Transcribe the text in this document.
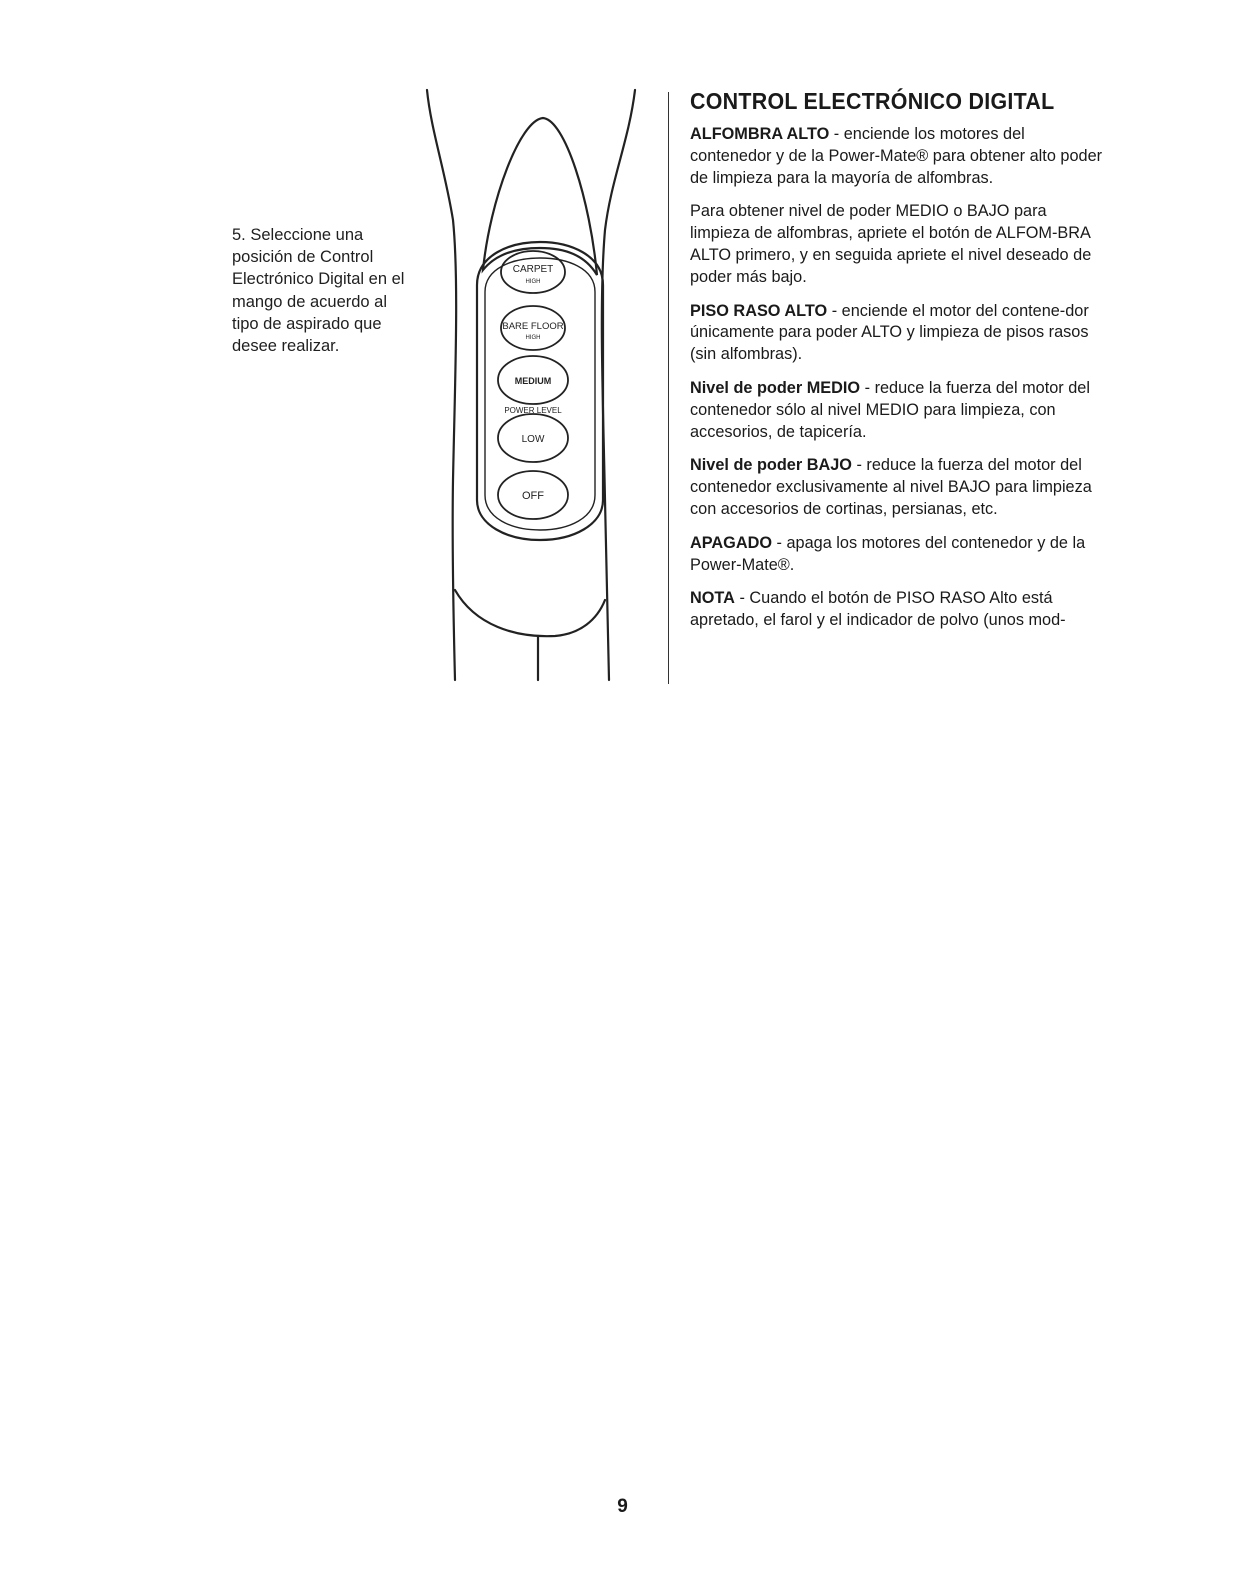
5. Seleccione una posición de Control Electrónico Digital en el mango de acuerdo al tipo de aspirado que desee realizar.

CARPET
HIGH
BARE FLOOR
HIGH
MEDIUM
POWER LEVEL
LOW
OFF
CONTROL ELECTRÓNICO DIGITAL

ALFOMBRA ALTO - enciende los motores del contenedor y de la Power-Mate® para obtener alto poder de limpieza para la mayoría de alfombras.

Para obtener nivel de poder MEDIO o BAJO para limpieza de alfombras, apriete el botón de ALFOM-BRA ALTO primero, y en seguida apriete el nivel deseado de poder más bajo.

PISO RASO ALTO - enciende el motor del contene-dor únicamente para poder ALTO y limpieza de pisos rasos (sin alfombras).

Nivel de poder MEDIO - reduce la fuerza del motor del contenedor sólo al nivel MEDIO para limpieza, con accesorios, de tapicería.

Nivel de poder BAJO - reduce la fuerza del motor del contenedor exclusivamente al nivel BAJO para limpieza con accesorios de cortinas, persianas, etc.

APAGADO - apaga los motores del contenedor y de la Power-Mate®.

NOTA - Cuando el botón de PISO RASO Alto está apretado, el farol y el indicador de polvo (unos mod-

9
